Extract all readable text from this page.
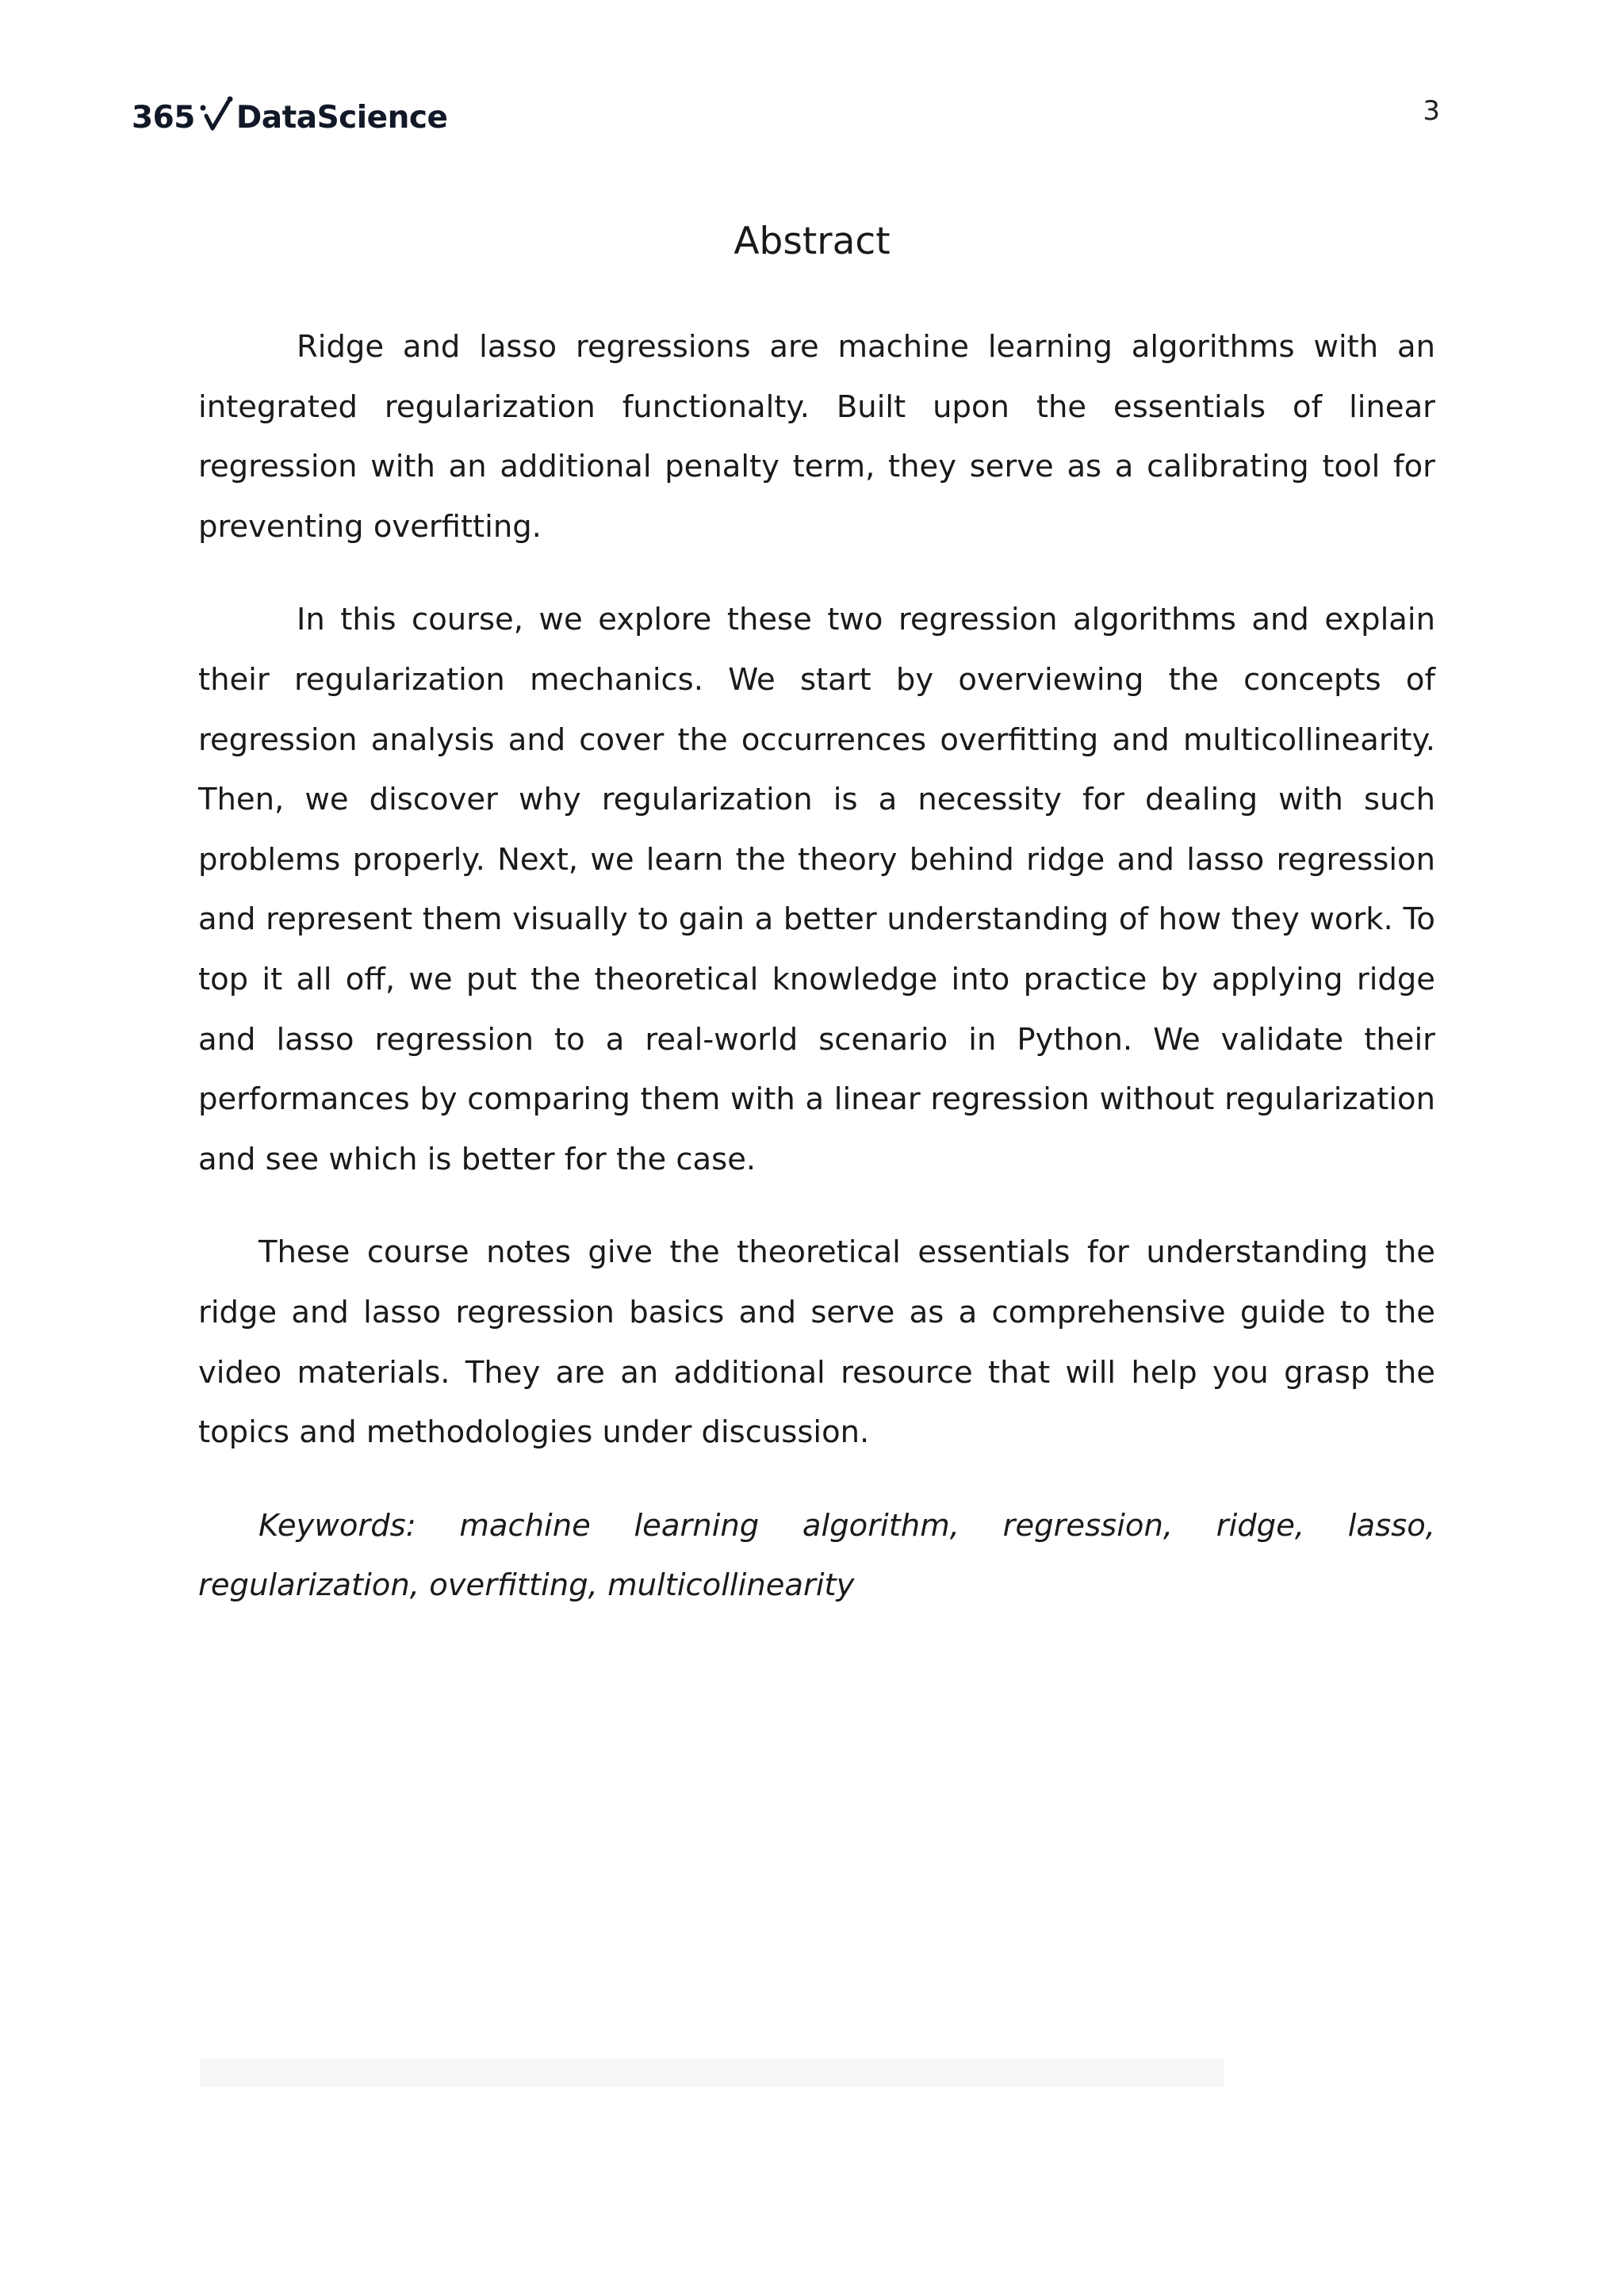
365 DataScience	3
Abstract

Ridge and lasso regressions are machine learning algorithms with an integrated regularization functionalty. Built upon the essentials of linear regression with an additional penalty term, they serve as a calibrating tool for preventing overfitting.

In this course, we explore these two regression algorithms and explain their regularization mechanics. We start by overviewing the concepts of regression analysis and cover the occurrences overfitting and multicollinearity. Then, we discover why regularization is a necessity for dealing with such problems properly. Next, we learn the theory behind ridge and lasso regression and represent them visually to gain a better understanding of how they work. To top it all off, we put the theoretical knowledge into practice by applying ridge and lasso regression to a real-world scenario in Python. We validate their performances by comparing them with a linear regression without regularization and see which is better for the case.

These course notes give the theoretical essentials for understanding the ridge and lasso regression basics and serve as a comprehensive guide to the video materials. They are an additional resource that will help you grasp the topics and methodologies under discussion.

Keywords: machine learning algorithm, regression, ridge, lasso, regularization, overfitting, multicollinearity
